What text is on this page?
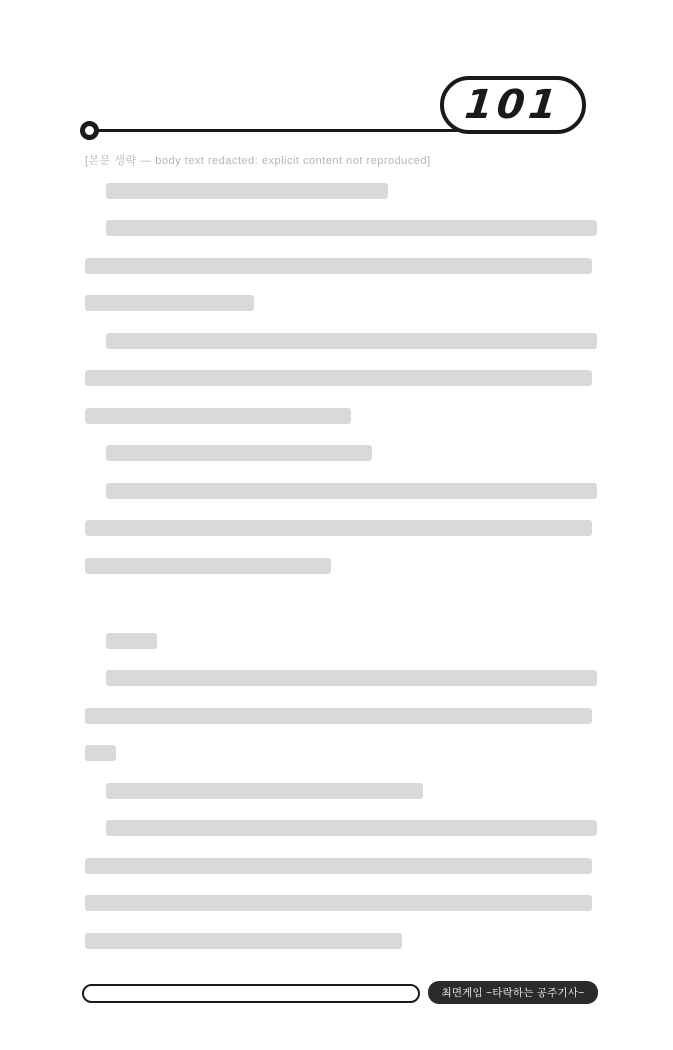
101
[본문 생략 — body text redacted: explicit content not reproduced]
최면게임 ~타락하는 공주기사~
